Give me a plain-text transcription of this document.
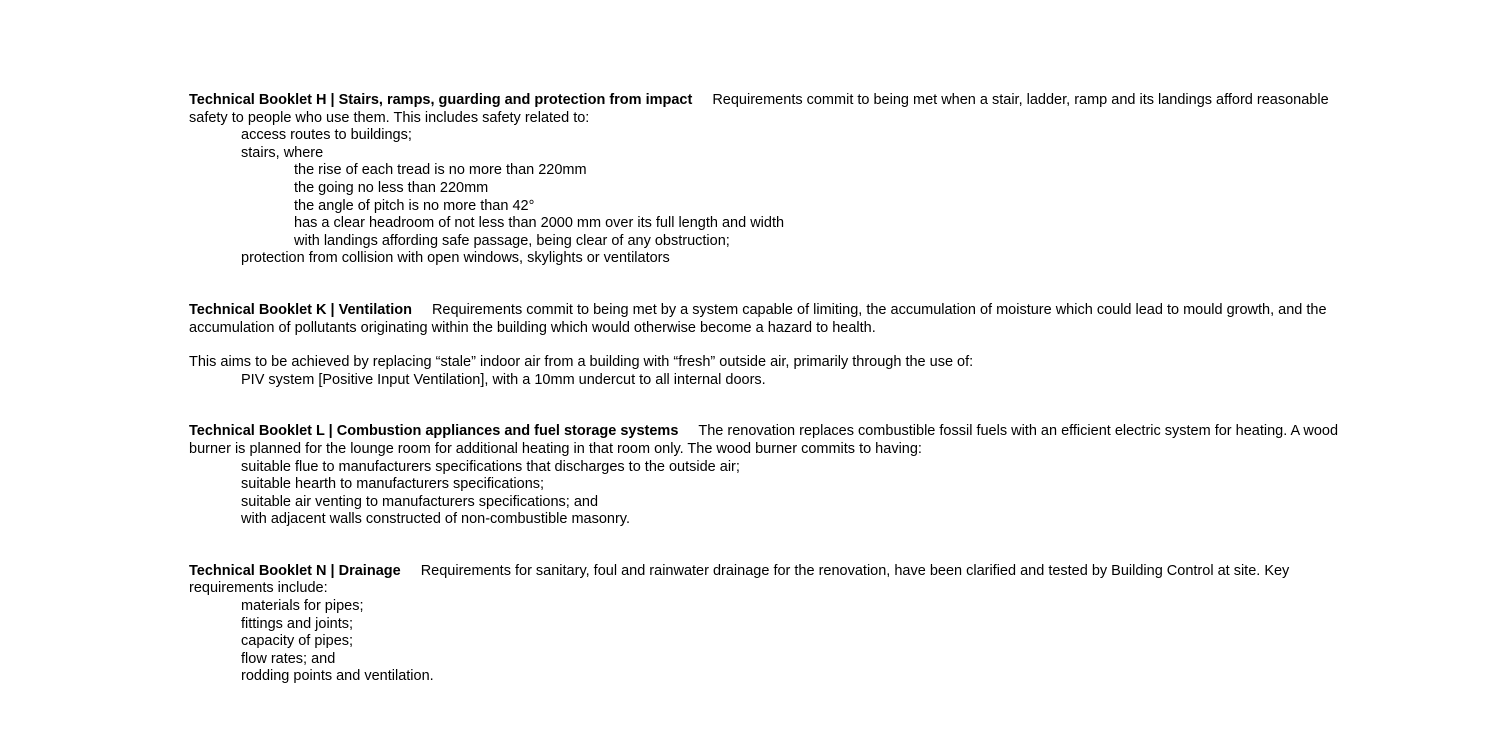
Technical Booklet H | Stairs, ramps, guarding and protection from impact Requirements commit to being met when a stair, ladder, ramp and its landings afford reasonable safety to people who use them. This includes safety related to:

access routes to buildings;
stairs, where
the rise of each tread is no more than 220mm
the going no less than 220mm
the angle of pitch is no more than 42°
has a clear headroom of not less than 2000 mm over its full length and width
with landings affording safe passage, being clear of any obstruction;
protection from collision with open windows, skylights or ventilators

Technical Booklet K | Ventilation Requirements commit to being met by a system capable of limiting, the accumulation of moisture which could lead to mould growth, and the accumulation of pollutants originating within the building which would otherwise become a hazard to health.

This aims to be achieved by replacing “stale” indoor air from a building with “fresh” outside air, primarily through the use of:

PIV system [Positive Input Ventilation], with a 10mm undercut to all internal doors.

Technical Booklet L | Combustion appliances and fuel storage systems The renovation replaces combustible fossil fuels with an efficient electric system for heating. A wood burner is planned for the lounge room for additional heating in that room only. The wood burner commits to having:

suitable flue to manufacturers specifications that discharges to the outside air;
suitable hearth to manufacturers specifications;
suitable air venting to manufacturers specifications; and
with adjacent walls constructed of non-combustible masonry.

Technical Booklet N | Drainage Requirements for sanitary, foul and rainwater drainage for the renovation, have been clarified and tested by Building Control at site. Key requirements include:

materials for pipes;
fittings and joints;
capacity of pipes;
flow rates; and
rodding points and ventilation.
